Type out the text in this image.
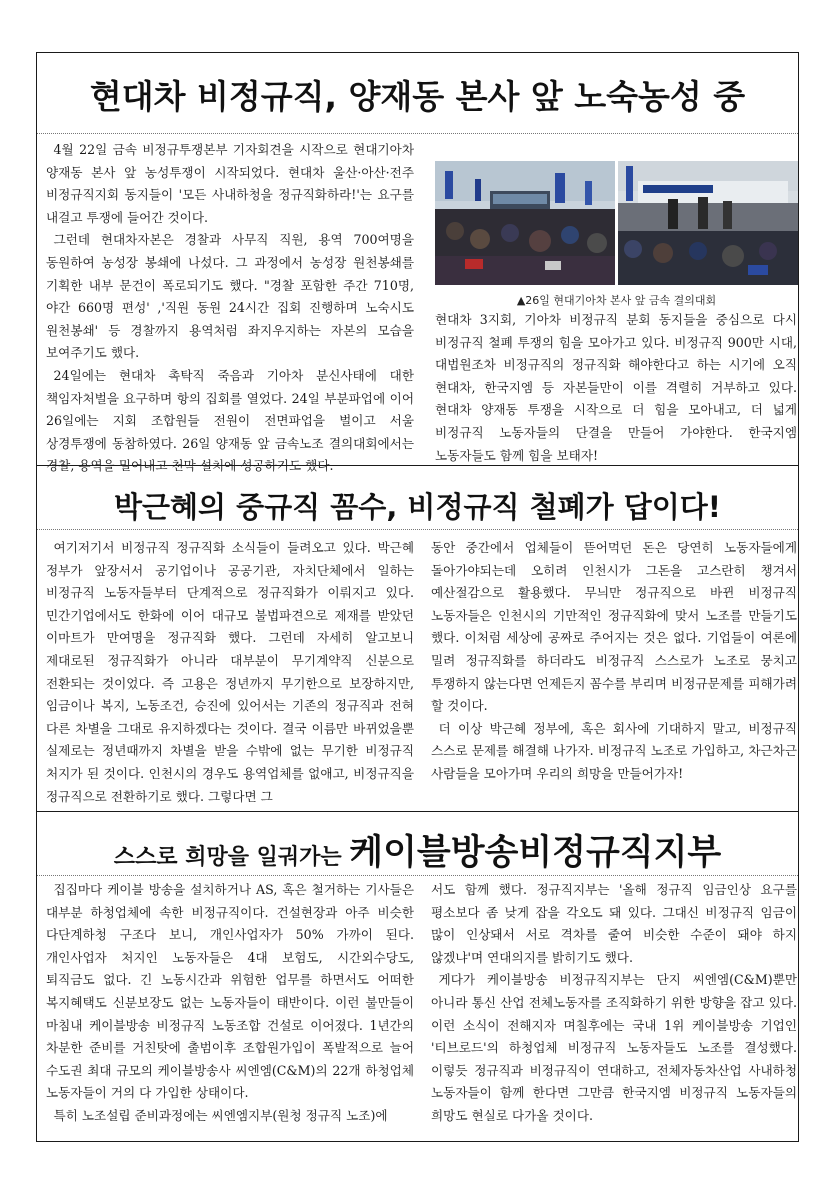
현대차 비정규직, 양재동 본사 앞 노숙농성 중

4월 22일 금속 비정규투쟁본부 기자회견을 시작으로 현대기아차 양재동 본사 앞 농성투쟁이 시작되었다. 현대차 울산·아산·전주 비정규직지회 동지들이 '모든 사내하청을 정규직화하라!'는 요구를 내걸고 투쟁에 들어간 것이다.

그런데 현대차자본은 경찰과 사무직 직원, 용역 700여명을 동원하여 농성장 봉쇄에 나섰다. 그 과정에서 농성장 원천봉쇄를 기획한 내부 문건이 폭로되기도 했다. "경찰 포함한 주간 710명, 야간 660명 편성' ,'직원 동원 24시간 집회 진행하며 노숙시도 원천봉쇄' 등 경찰까지 용역처럼 좌지우지하는 자본의 모습을 보여주기도 했다.

24일에는 현대차 촉탁직 죽음과 기아차 분신사태에 대한 책임자처벌을 요구하며 항의 집회를 열었다. 24일 부분파업에 이어 26일에는 지회 조합원들 전원이 전면파업을 벌이고 서울 상경투쟁에 동참하였다. 26일 양재동 앞 금속노조 결의대회에서는 경찰, 용역을 밀어내고 천막 설치에 성공하기도 했다.

▲26일 현대기아차 본사 앞 금속 결의대회

현대차 3지회, 기아차 비정규직 분회 동지들을 중심으로 다시 비정규직 철폐 투쟁의 힘을 모아가고 있다. 비정규직 900만 시대, 대법원조차 비정규직의 정규직화 해야한다고 하는 시기에 오직 현대차, 한국지엠 등 자본들만이 이를 격렬히 거부하고 있다. 현대차 양재동 투쟁을 시작으로 더 힘을 모아내고, 더 넓게 비정규직 노동자들의 단결을 만들어 가야한다. 한국지엠 노동자들도 함께 힘을 보태자!

박근혜의 중규직 꼼수, 비정규직 철폐가 답이다!

여기저기서 비정규직 정규직화 소식들이 들려오고 있다. 박근혜 정부가 앞장서서 공기업이나 공공기관, 자치단체에서 일하는 비정규직 노동자들부터 단계적으로 정규직화가 이뤄지고 있다. 민간기업에서도 한화에 이어 대규모 불법파견으로 제재를 받았던 이마트가 만여명을 정규직화 했다. 그런데 자세히 알고보니 제대로된 정규직화가 아니라 대부분이 무기계약직 신분으로 전환되는 것이었다. 즉 고용은 정년까지 무기한으로 보장하지만, 임금이나 복지, 노동조건, 승진에 있어서는 기존의 정규직과 전혀 다른 차별을 그대로 유지하겠다는 것이다. 결국 이름만 바뀌었을뿐 실제로는 정년때까지 차별을 받을 수밖에 없는 무기한 비정규직 처지가 된 것이다. 인천시의 경우도 용역업체를 없애고, 비정규직을 정규직으로 전환하기로 했다. 그렇다면 그

동안 중간에서 업체들이 뜯어먹던 돈은 당연히 노동자들에게 돌아가야되는데 오히려 인천시가 그돈을 고스란히 챙겨서 예산절감으로 활용했다. 무늬만 정규직으로 바뀐 비정규직 노동자들은 인천시의 기만적인 정규직화에 맞서 노조를 만들기도 했다. 이처럼 세상에 공짜로 주어지는 것은 없다. 기업들이 여론에 밀려 정규직화를 하더라도 비정규직 스스로가 노조로 뭉치고 투쟁하지 않는다면 언제든지 꼼수를 부리며 비정규문제를 피해가려 할 것이다.

더 이상 박근혜 정부에, 혹은 회사에 기대하지 말고, 비정규직 스스로 문제를 해결해 나가자. 비정규직 노조로 가입하고, 차근차근 사람들을 모아가며 우리의 희망을 만들어가자!

스스로 희망을 일궈가는 케이블방송비정규직지부

집집마다 케이블 방송을 설치하거나 AS, 혹은 철거하는 기사들은 대부분 하청업체에 속한 비정규직이다. 건설현장과 아주 비슷한 다단계하청 구조다 보니, 개인사업자가 50% 가까이 된다. 개인사업자 처지인 노동자들은 4대 보험도, 시간외수당도, 퇴직금도 없다. 긴 노동시간과 위험한 업무를 하면서도 어떠한 복지혜택도 신분보장도 없는 노동자들이 태반이다. 이런 불만들이 마침내 케이블방송 비정규직 노동조합 건설로 이어졌다. 1년간의 차분한 준비를 거친탓에 출범이후 조합원가입이 폭발적으로 늘어 수도권 최대 규모의 케이블방송사 씨엔엠(C&M)의 22개 하청업체 노동자들이 거의 다 가입한 상태이다.

특히 노조설립 준비과정에는 씨엔엠지부(원청 정규직 노조)에

서도 함께 했다. 정규직지부는 '올해 정규직 임금인상 요구를 평소보다 좀 낮게 잡을 각오도 돼 있다. 그대신 비정규직 임금이 많이 인상돼서 서로 격차를 줄여 비슷한 수준이 돼야 하지 않겠냐'며 연대의지를 밝히기도 했다.

게다가 케이블방송 비정규직지부는 단지 씨엔엠(C&M)뿐만 아니라 통신 산업 전체노동자를 조직화하기 위한 방향을 잡고 있다. 이런 소식이 전해지자 며칠후에는 국내 1위 케이블방송 기업인 '티브로드'의 하청업체 비정규직 노동자들도 노조를 결성했다. 이렇듯 정규직과 비정규직이 연대하고, 전체자동차산업 사내하청 노동자들이 함께 한다면 그만큼 한국지엠 비정규직 노동자들의 희망도 현실로 다가올 것이다.
